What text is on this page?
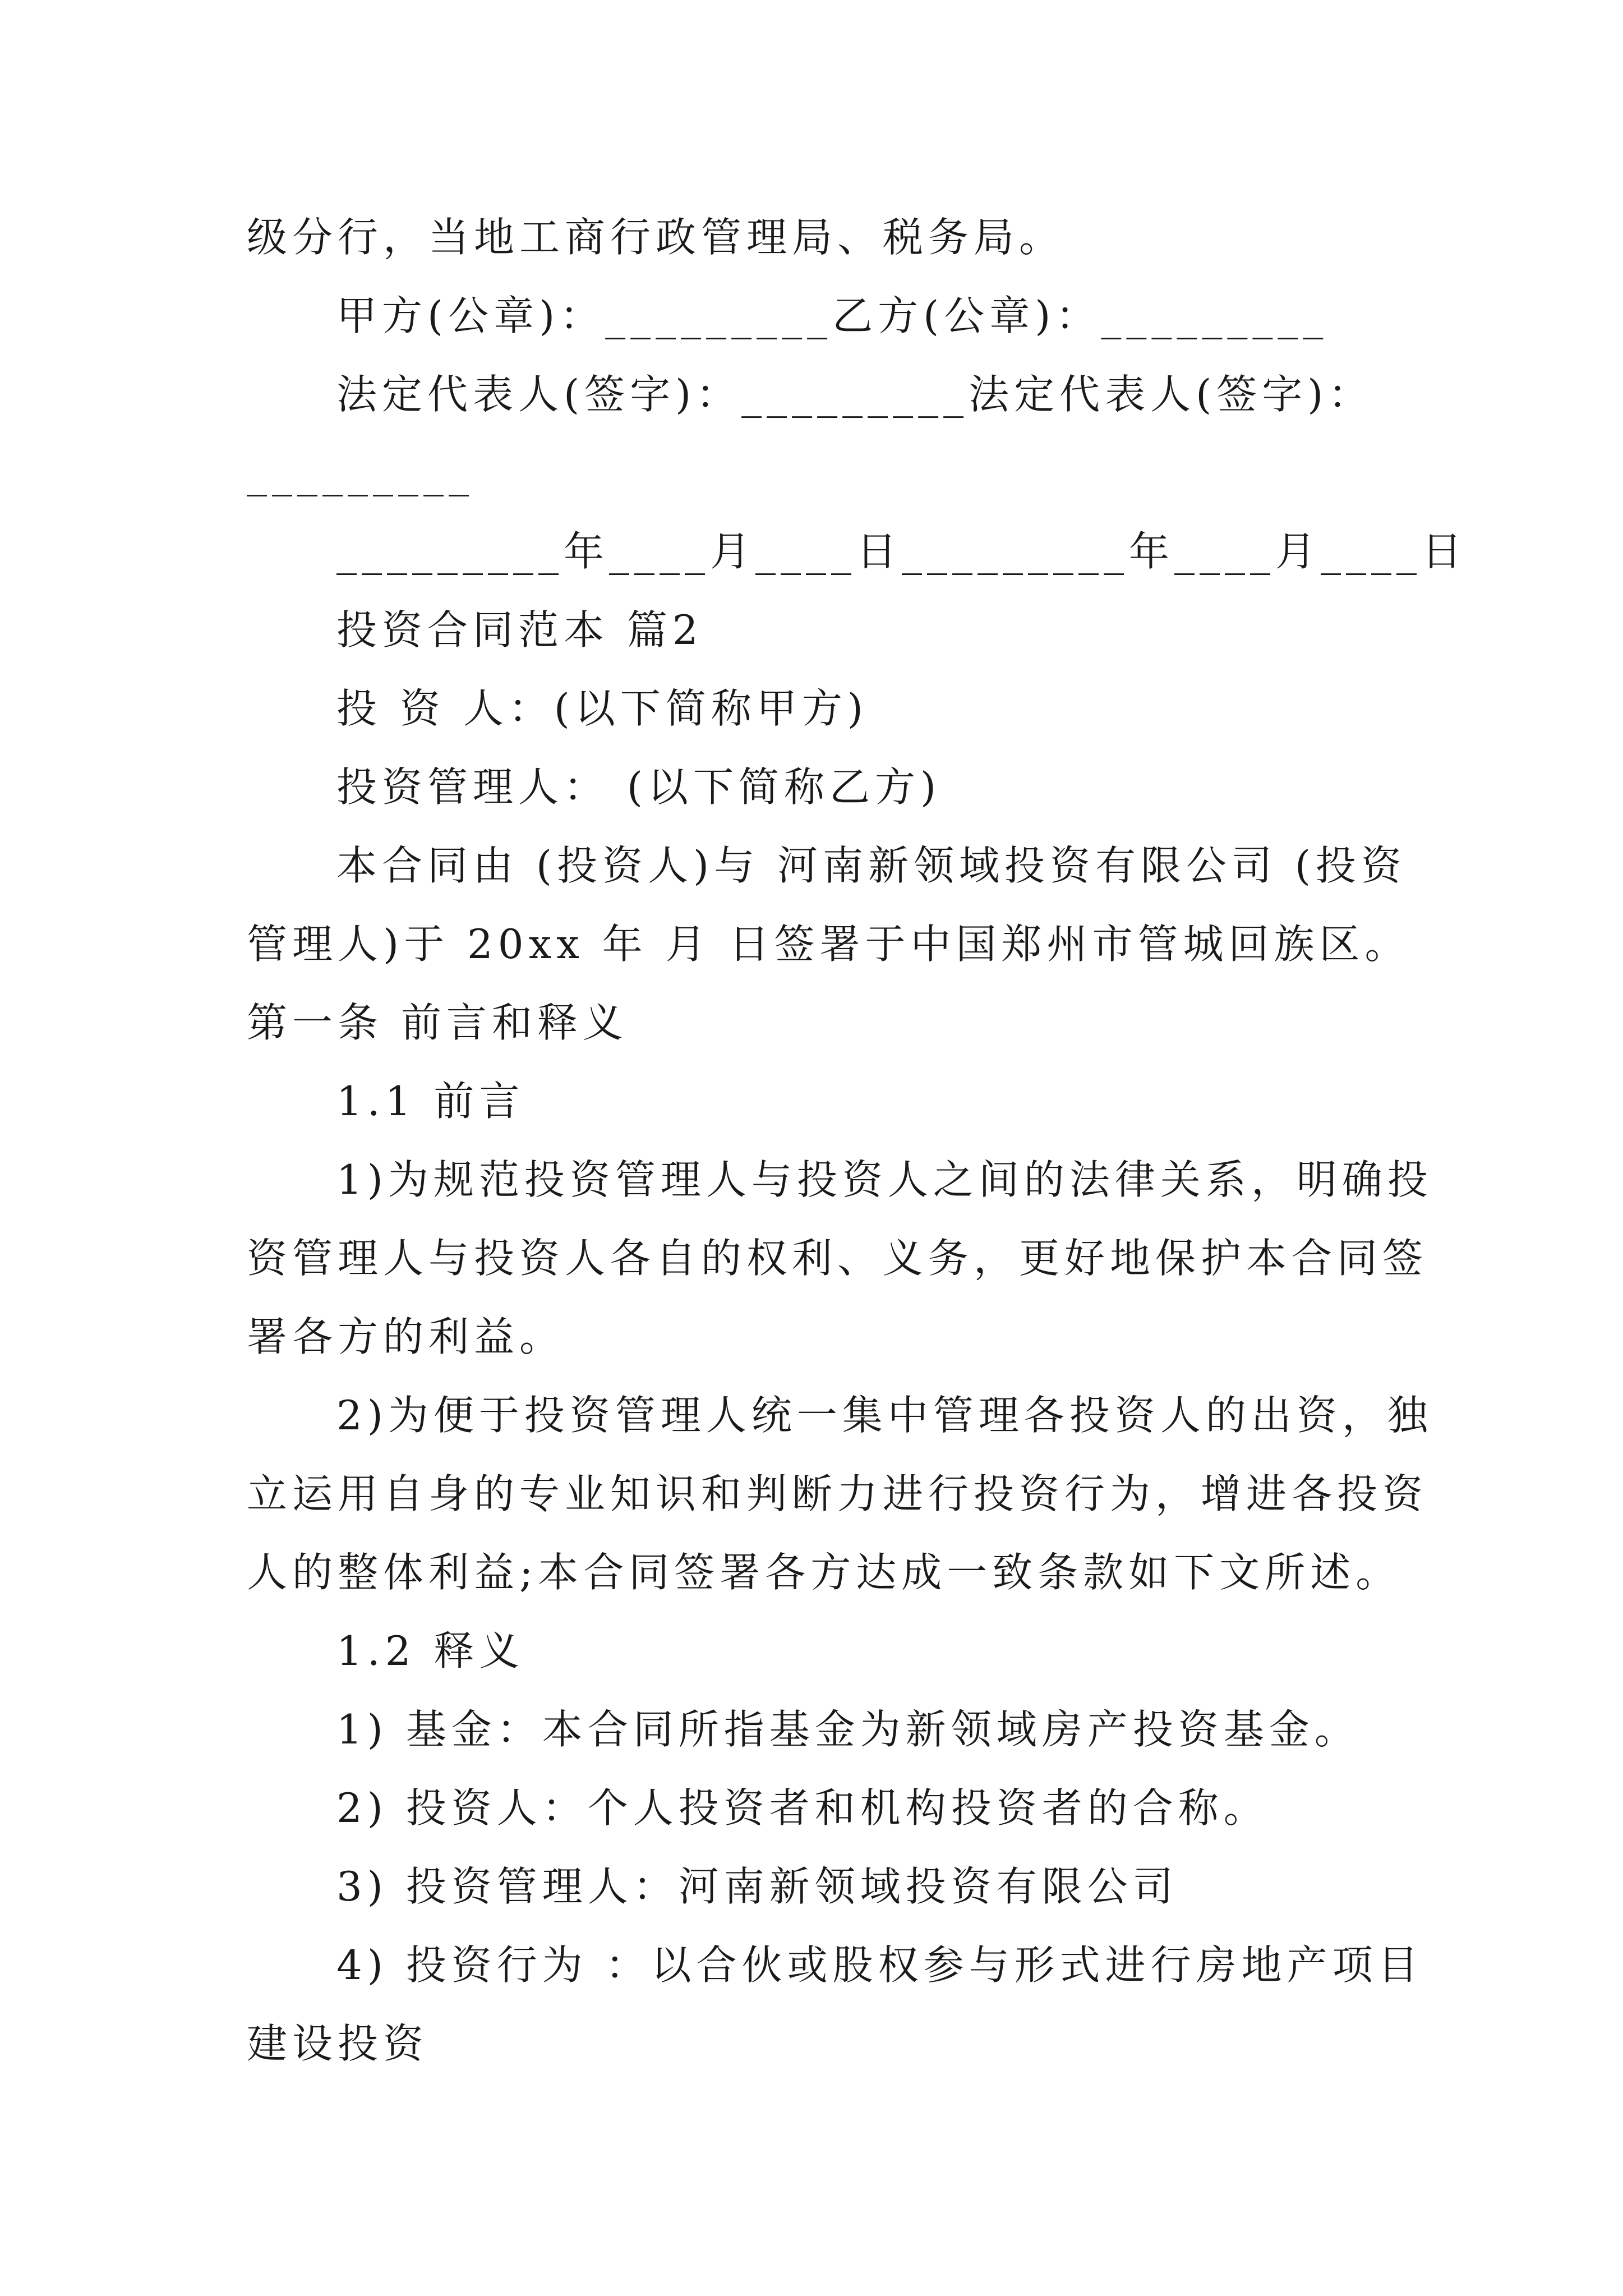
级分行，当地工商行政管理局、税务局。

甲方(公章)：_________乙方(公章)：_________

法定代表人(签字)：_________法定代表人(签字)：

_________

_________年____月____日_________年____月____日

投资合同范本 篇2

投 资 人：(以下简称甲方)

投资管理人： (以下简称乙方)

本合同由 (投资人)与 河南新领域投资有限公司 (投资

管理人)于 20xx 年 月 日签署于中国郑州市管城回族区。

第一条 前言和释义

1.1 前言

1)为规范投资管理人与投资人之间的法律关系，明确投

资管理人与投资人各自的权利、义务，更好地保护本合同签

署各方的利益。

2)为便于投资管理人统一集中管理各投资人的出资，独

立运用自身的专业知识和判断力进行投资行为，增进各投资

人的整体利益;本合同签署各方达成一致条款如下文所述。

1.2 释义

1) 基金：本合同所指基金为新领域房产投资基金。

2) 投资人：个人投资者和机构投资者的合称。

3) 投资管理人：河南新领域投资有限公司

4) 投资行为 ：以合伙或股权参与形式进行房地产项目

建设投资
